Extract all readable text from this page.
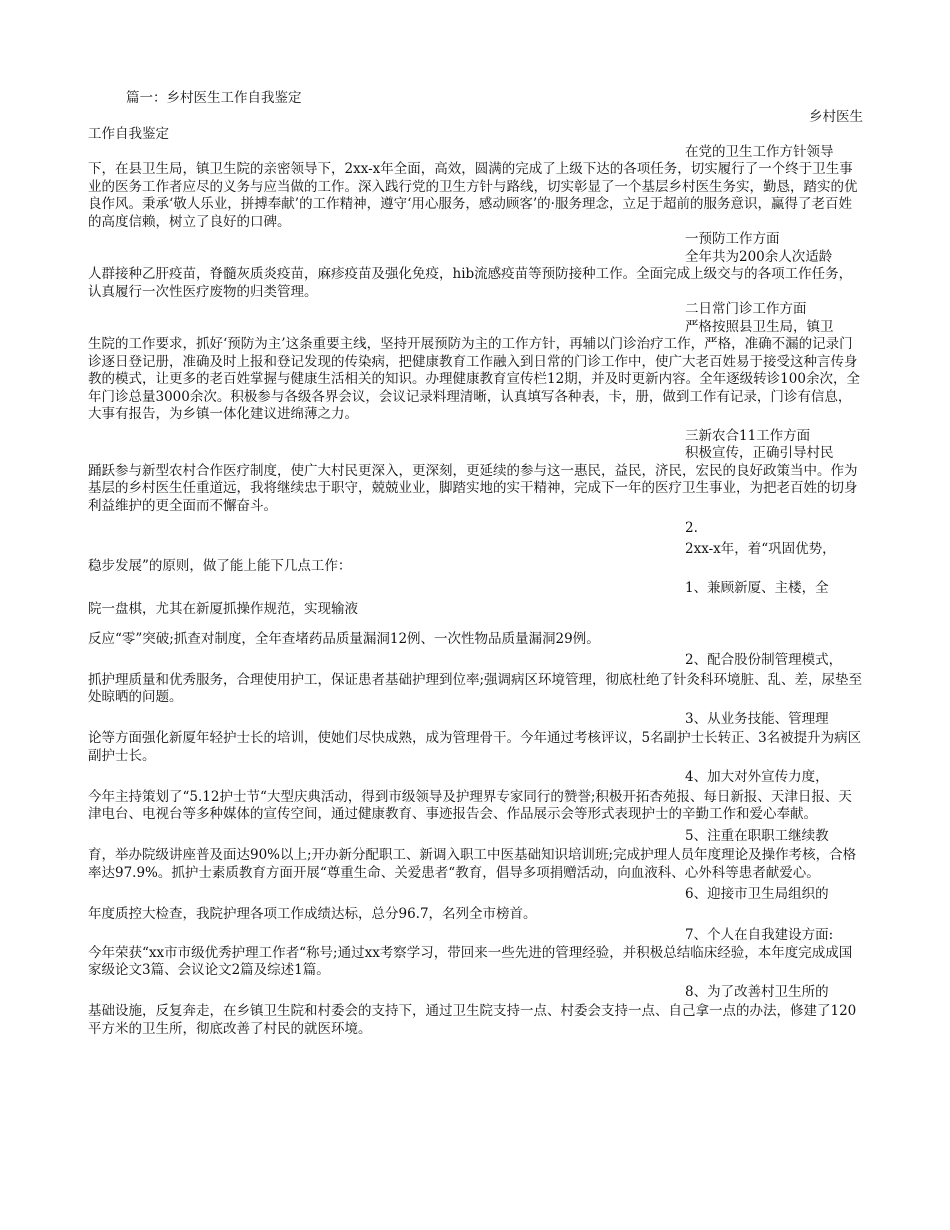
篇一：乡村医生工作自我鉴定
乡村医生
工作自我鉴定
在党的卫生工作方针领导
下，在县卫生局，镇卫生院的亲密领导下，2xx-x年全面，高效，圆满的完成了上级下达的各项任务，切实履行了一个终于卫生事业的医务工作者应尽的义务与应当做的工作。深入践行党的卫生方针与路线，切实彰显了一个基层乡村医生务实，勤恳，踏实的优良作风。秉承‘敬人乐业，拼搏奉献’的工作精神，遵守‘用心服务，感动顾客’的·服务理念，立足于超前的服务意识，赢得了老百姓的高度信赖，树立了良好的口碑。
一预防工作方面
全年共为200余人次适龄
人群接种乙肝疫苗，脊髓灰质炎疫苗，麻疹疫苗及强化免疫，hib流感疫苗等预防接种工作。全面完成上级交与的各项工作任务，认真履行一次性医疗废物的归类管理。
二日常门诊工作方面
严格按照县卫生局，镇卫
生院的工作要求，抓好‘预防为主’这条重要主线，坚持开展预防为主的工作方针，再辅以门诊治疗工作，严格，准确不漏的记录门诊逐日登记册，准确及时上报和登记发现的传染病，把健康教育工作融入到日常的门诊工作中，使广大老百姓易于接受这种言传身教的模式，让更多的老百姓掌握与健康生活相关的知识。办理健康教育宣传栏12期，并及时更新内容。全年逐级转诊100余次，全年门诊总量3000余次。积极参与各级各界会议，会议记录料理清晰，认真填写各种表，卡，册，做到工作有记录，门诊有信息，大事有报告，为乡镇一体化建议进绵薄之力。
三新农合11工作方面
积极宣传，正确引导村民
踊跃参与新型农村合作医疗制度，使广大村民更深入，更深刻，更延续的参与这一惠民，益民，济民，宏民的良好政策当中。作为基层的乡村医生任重道远，我将继续忠于职守，兢兢业业，脚踏实地的实干精神，完成下一年的医疗卫生事业，为把老百姓的切身利益维护的更全面而不懈奋斗。
2.
2xx-x年，着“巩固优势，
稳步发展”的原则，做了能上能下几点工作：
1、兼顾新厦、主楼，全
院一盘棋，尤其在新厦抓操作规范，实现输液
反应“零”突破;抓查对制度，全年查堵药品质量漏洞12例、一次性物品质量漏洞29例。
2、配合股份制管理模式，
抓护理质量和优秀服务，合理使用护工，保证患者基础护理到位率;强调病区环境管理，彻底杜绝了针灸科环境脏、乱、差，尿垫至处晾晒的问题。
3、从业务技能、管理理
论等方面强化新厦年轻护士长的培训，使她们尽快成熟，成为管理骨干。今年通过考核评议，5名副护士长转正、3名被提升为病区副护士长。
4、加大对外宣传力度，
今年主持策划了“5.12护士节“大型庆典活动，得到市级领导及护理界专家同行的赞誉;积极开拓杏苑报、每日新报、天津日报、天津电台、电视台等多种媒体的宣传空间，通过健康教育、事迹报告会、作品展示会等形式表现护士的辛勤工作和爱心奉献。
5、注重在职职工继续教
育，举办院级讲座普及面达90%以上;开办新分配职工、新调入职工中医基础知识培训班;完成护理人员年度理论及操作考核，合格率达97.9%。抓护士素质教育方面开展“尊重生命、关爱患者“教育，倡导多项捐赠活动，向血液科、心外科等患者献爱心。
6、迎接市卫生局组织的
年度质控大检查，我院护理各项工作成绩达标，总分96.7，名列全市榜首。
7、个人在自我建设方面:
今年荣获“xx市市级优秀护理工作者“称号;通过xx考察学习，带回来一些先进的管理经验，并积极总结临床经验，本年度完成成国家级论文3篇、会议论文2篇及综述1篇。
8、为了改善村卫生所的
基础设施，反复奔走，在乡镇卫生院和村委会的支持下，通过卫生院支持一点、村委会支持一点、自己拿一点的办法，修建了120平方米的卫生所，彻底改善了村民的就医环境。
